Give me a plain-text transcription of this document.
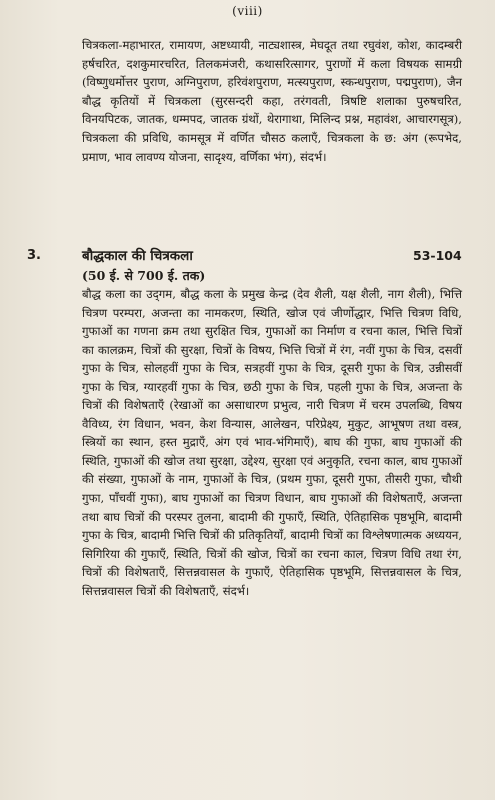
(viii)

चित्रकला-महाभारत, रामायण, अष्टध्यायी, नाट्यशास्त्र, मेघदूत तथा रघुवंश, कोश, कादम्बरी हर्षचरित, दशकुमारचरित, तिलकमंजरी, कथासरित्सागर, पुराणों में कला विषयक सामग्री (विष्णुधर्मोत्तर पुराण, अग्निपुराण, हरिवंशपुराण, मत्स्यपुराण, स्कन्धपुराण, पद्मपुराण), जैन बौद्ध कृतियों में चित्रकला (सुरसन्दरी कहा, तरंगवती, त्रिषष्टि शलाका पुरुषचरित, विनयपिटक, जातक, धम्मपद, जातक ग्रंथों, थेरागाथा, मिलिन्द प्रश्न, महावंश, आचारगसूत्र), चित्रकला की प्रविधि, कामसूत्र में वर्णित चौसठ कलाएँ, चित्रकला के छ: अंग (रूपभेद, प्रमाण, भाव लावण्य योजना, सादृश्य, वर्णिका भंग), संदर्भ।

3.	बौद्धकाल की चित्रकला	53-104
(50 ई. से 700 ई. तक)

बौद्ध कला का उद्‌गम, बौद्ध कला के प्रमुख केन्द्र (देव शैली, यक्ष शैली, नाग शैली), भित्ति चित्रण परम्परा, अजन्ता का नामकरण, स्थिति, खोज एवं जीर्णोद्धार, भित्ति चित्रण विधि, गुफाओं का गणना क्रम तथा सुरक्षित चित्र, गुफाओं का निर्माण व रचना काल, भित्ति चित्रों का कालक्रम, चित्रों की सुरक्षा, चित्रों के विषय, भित्ति चित्रों में रंग, नवीं गुफा के चित्र, दसवीं गुफा के चित्र, सोलहवीं गुफा के चित्र, सत्रहवीं गुफा के चित्र, दूसरी गुफा के चित्र, उन्नीसवीं गुफा के चित्र, ग्यारहवीं गुफा के चित्र, छठी गुफा के चित्र, पहली गुफा के चित्र, अजन्ता के चित्रों की विशेषताएँ (रेखाओं का असाधारण प्रभुत्व, नारी चित्रण में चरम उपलब्धि, विषय वैविध्य, रंग विधान, भवन, केश विन्यास, आलेखन, परिप्रेक्ष्य, मुकुट, आभूषण तथा वस्त्र, स्त्रियों का स्थान, हस्त मुद्राएँ, अंग एवं भाव-भंगिमाएँ), बाघ की गुफा, बाघ गुफाओं की स्थिति, गुफाओं की खोज तथा सुरक्षा, उद्देश्य, सुरक्षा एवं अनुकृति, रचना काल, बाघ गुफाओं की संख्या, गुफाओं के नाम, गुफाओं के चित्र, (प्रथम गुफा, दूसरी गुफा, तीसरी गुफा, चौथी गुफा, पाँचवीं गुफा), बाघ गुफाओं का चित्रण विधान, बाघ गुफाओं की विशेषताएँ, अजन्ता तथा बाघ चित्रों की परस्पर तुलना, बादामी की गुफाएँ, स्थिति, ऐतिहासिक पृष्ठभूमि, बादामी गुफा के चित्र, बादामी भित्ति चित्रों की प्रतिकृतियाँ, बादामी चित्रों का विश्लेषणात्मक अध्ययन, सिगिरिया की गुफाएँ, स्थिति, चित्रों की खोज, चित्रों का रचना काल, चित्रण विधि तथा रंग, चित्रों की विशेषताएँ, सित्तन्नवासल के गुफाएँ, ऐतिहासिक पृष्ठभूमि, सित्तन्नवासल के चित्र, सित्तन्नवासल चित्रों की विशेषताएँ, संदर्भ।
